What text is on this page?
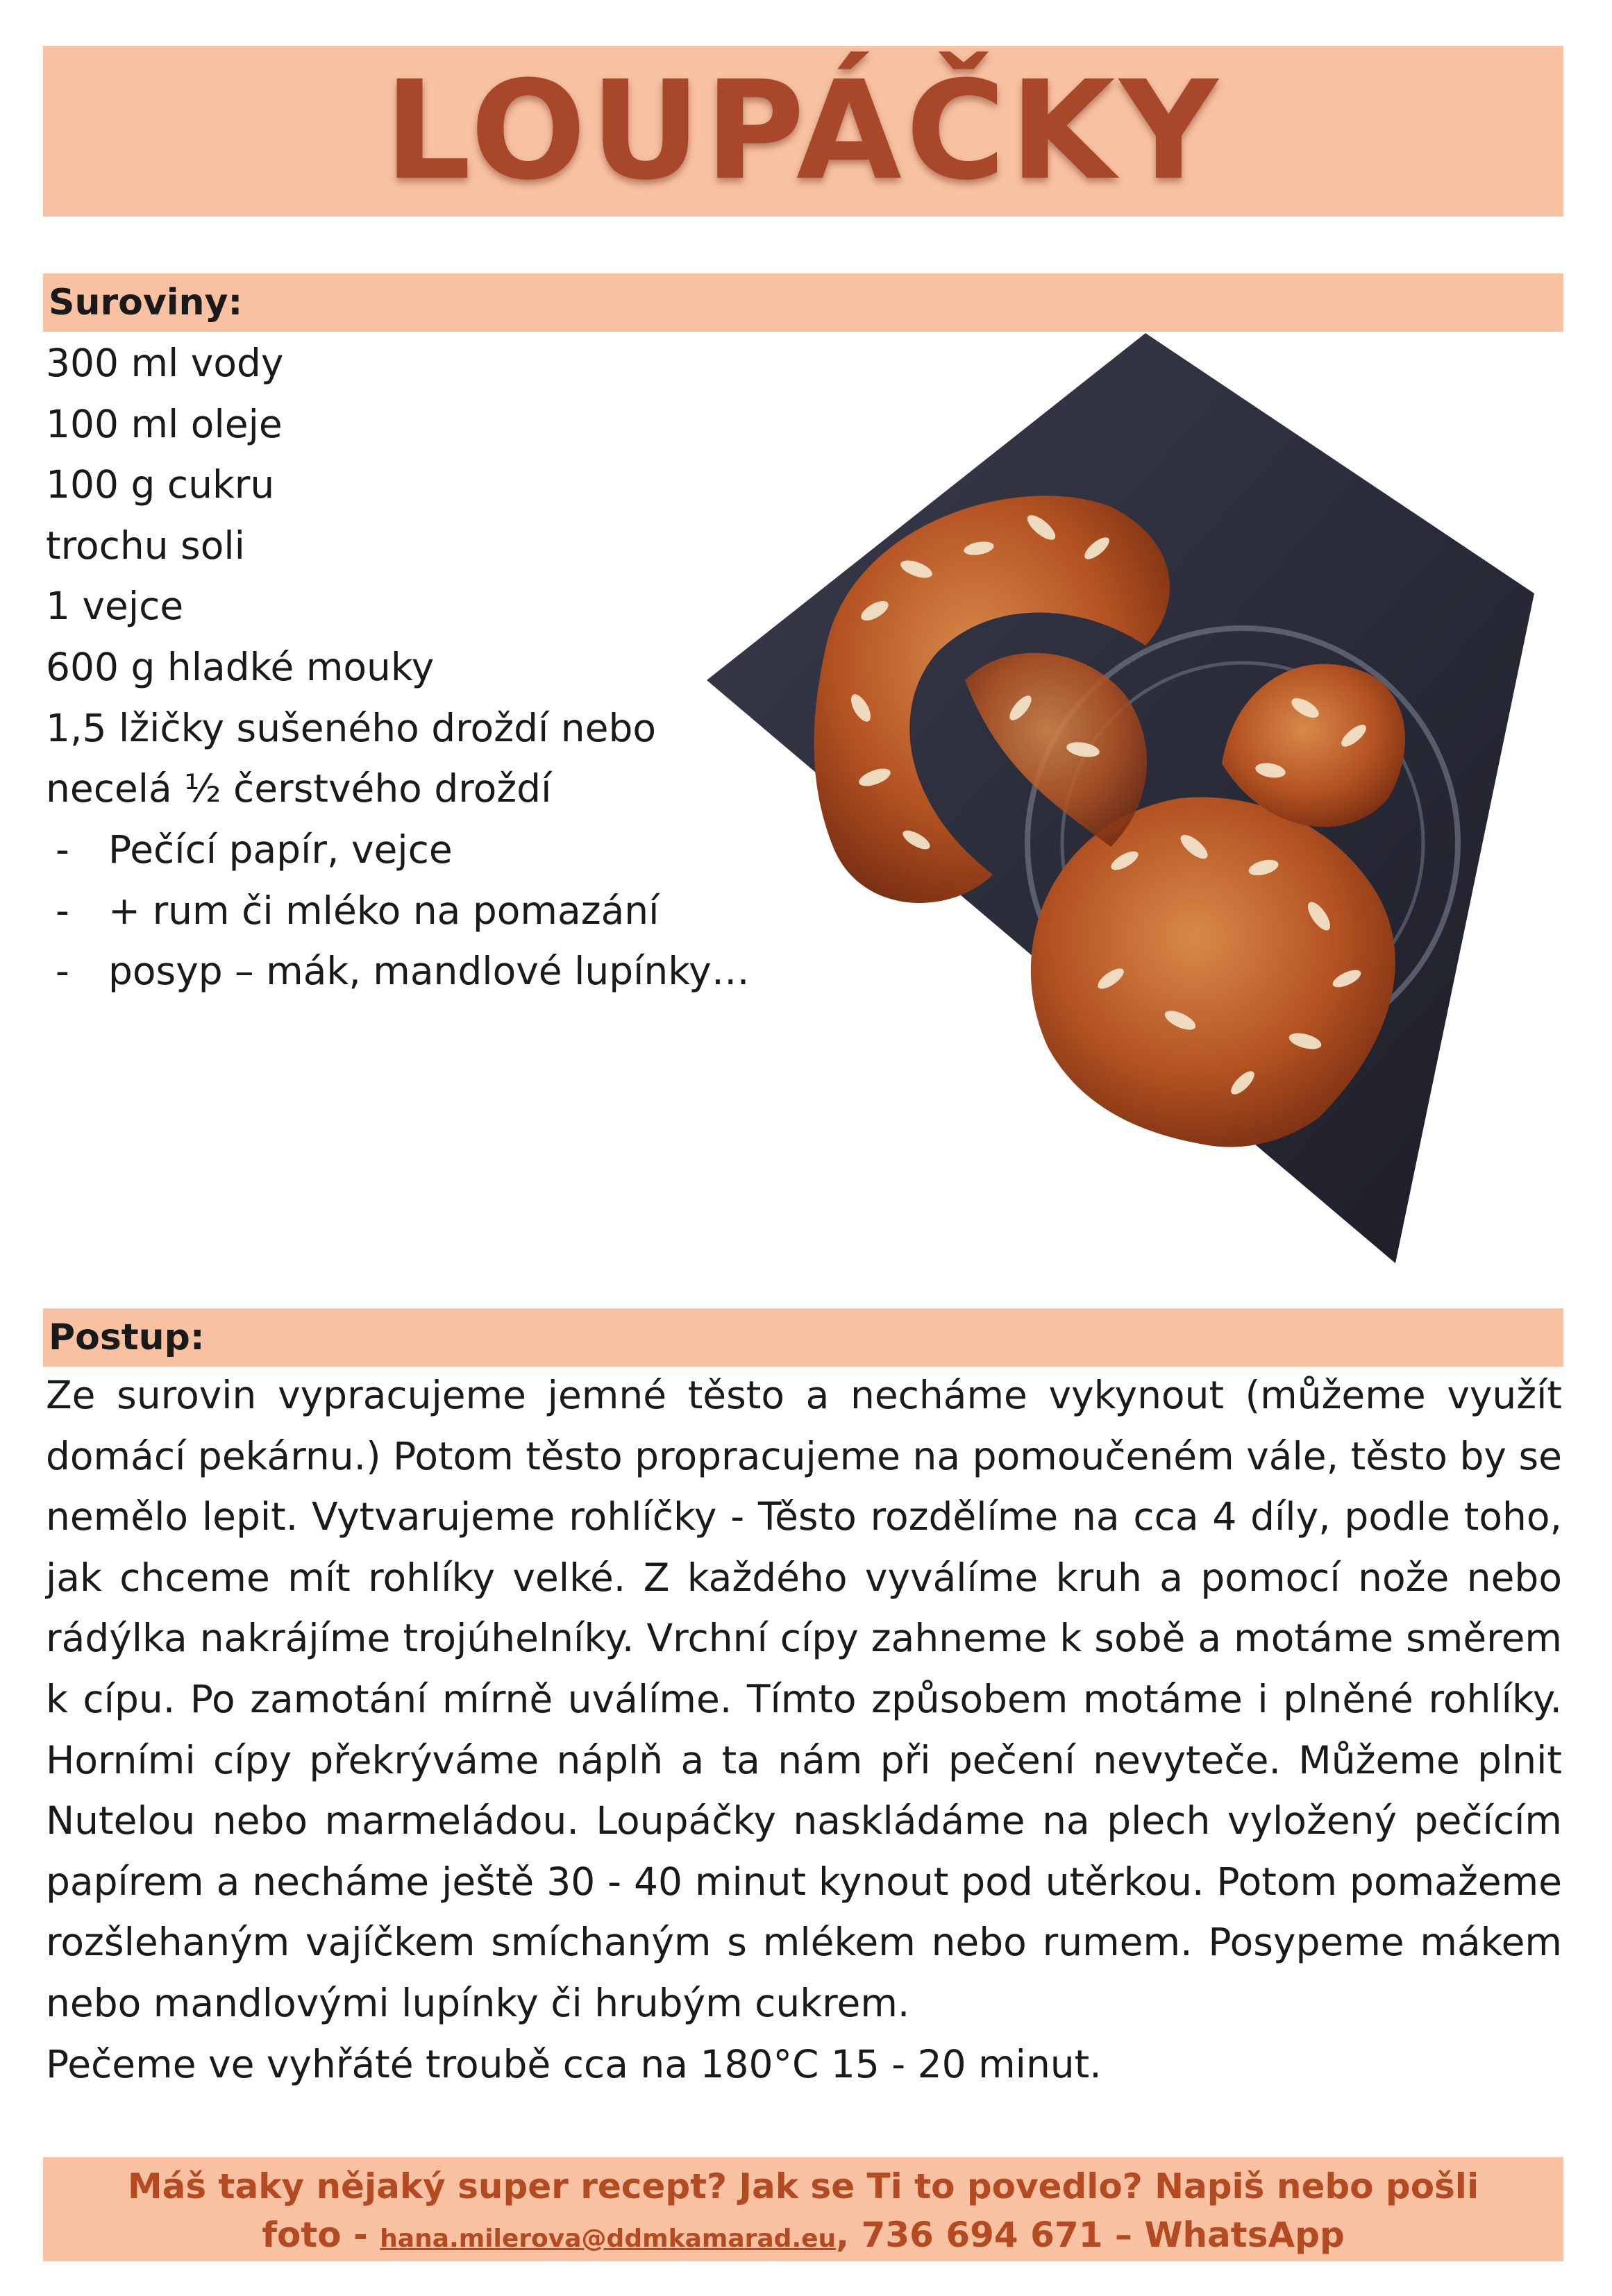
LOUPÁČKY
Suroviny:
300 ml vody
100 ml oleje
100 g cukru
trochu soli
1 vejce
600 g hladké mouky
1,5 lžičky sušeného droždí nebo
necelá ½ čerstvého droždí
- Pečící papír, vejce
- + rum či mléko na pomazání
- posyp – mák, mandlové lupínky…
Postup:

Ze surovin vypracujeme jemné těsto a necháme vykynout (můžeme využít domácí pekárnu.) Potom těsto propracujeme na pomoučeném válе, těsto by se nemělo lepit. Vytvarujeme rohlíčky - Těsto rozdělíme na cca 4 díly, podle toho, jak chceme mít rohlíky velké. Z každého vyválíme kruh a pomocí nože nebo rádýlka nakrájíme trojúhelníky. Vrchní cípy zahneme k sobě a motáme směrem k cípu. Po zamotání mírně uválíme. Tímto způsobem motáme i plněné rohlíky. Horními cípy překrýváme náplň a ta nám při pečení nevyteče. Můžeme plnit Nutelou nebo marmeládou. Loupáčky naskládáme na plech vyložený pečícím papírem a necháme ještě 30 - 40 minut kynout pod utěrkou. Potom pomažeme rozšlehaným vajíčkem smíchaným s mlékem nebo rumem. Posypeme mákem nebo mandlovými lupínky či hrubým cukrem.

Pečeme ve vyhřáté troubě cca na 180°C 15 - 20 minut.

Máš taky nějaký super recept? Jak se Ti to povedlo? Napiš nebo pošli
foto - hana.milerova@ddmkamarad.eu, 736 694 671 – WhatsApp
